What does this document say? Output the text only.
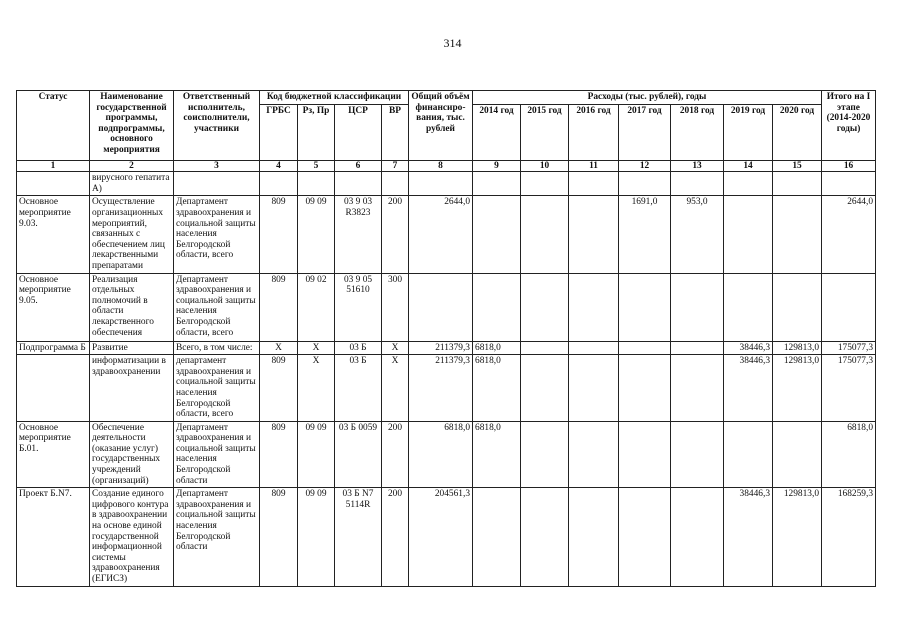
314
Статус	Наименование государственной программы, подпрограммы, основного мероприятия	Ответственный исполнитель, соисполнители, участники	Код бюджетной классификации				Общий объём финансиро-вания, тыс. рублей	Расходы (тыс. рублей), годы							Итого на I этапе (2014-2020 годы)
			ГРБС	Рз, Пр	ЦСР	ВР		2014 год	2015 год	2016 год	2017 год	2018 год	2019 год	2020 год	
1	2	3	4	5	6	7	8	9	10	11	12	13	14	15	16
	вирусного гепатита А)														
Основное мероприятие 9.03.	Осуществление организационных мероприятий, связанных с обеспечением лиц лекарственными препаратами	Департамент здравоохранения и социальной защиты населения Белгородской области, всего	809	09 09	03 9 03 R3823	200	2644,0				1691,0	953,0			2644,0
Основное мероприятие 9.05.	Реализация отдельных полномочий в области лекарственного обеспечения	Департамент здравоохранения и социальной защиты населения Белгородской области, всего	809	09 02	03 9 05 51610	300									
Подпрограмма Б	Развитие	Всего, в том числе:	Х	Х	03 Б	Х	211379,3	6818,0					38446,3	129813,0	175077,3
	информатизации в здравоохранении	департамент здравоохранения и социальной защиты населения Белгородской области, всего	809	Х	03 Б	Х	211379,3	6818,0					38446,3	129813,0	175077,3
Основное мероприятие Б.01.	Обеспечение деятельности (оказание услуг) государственных учреждений (организаций)	Департамент здравоохранения и социальной защиты населения Белгородской области	809	09 09	03 Б 0059	200	6818,0	6818,0							6818,0
Проект Б.N7.	Создание единого цифрового контура в здравоохранении на основе единой государственной информационной системы здравоохранения (ЕГИСЗ)	Департамент здравоохранения и социальной защиты населения Белгородской области	809	09 09	03 Б N7 5114R	200	204561,3						38446,3	129813,0	168259,3
